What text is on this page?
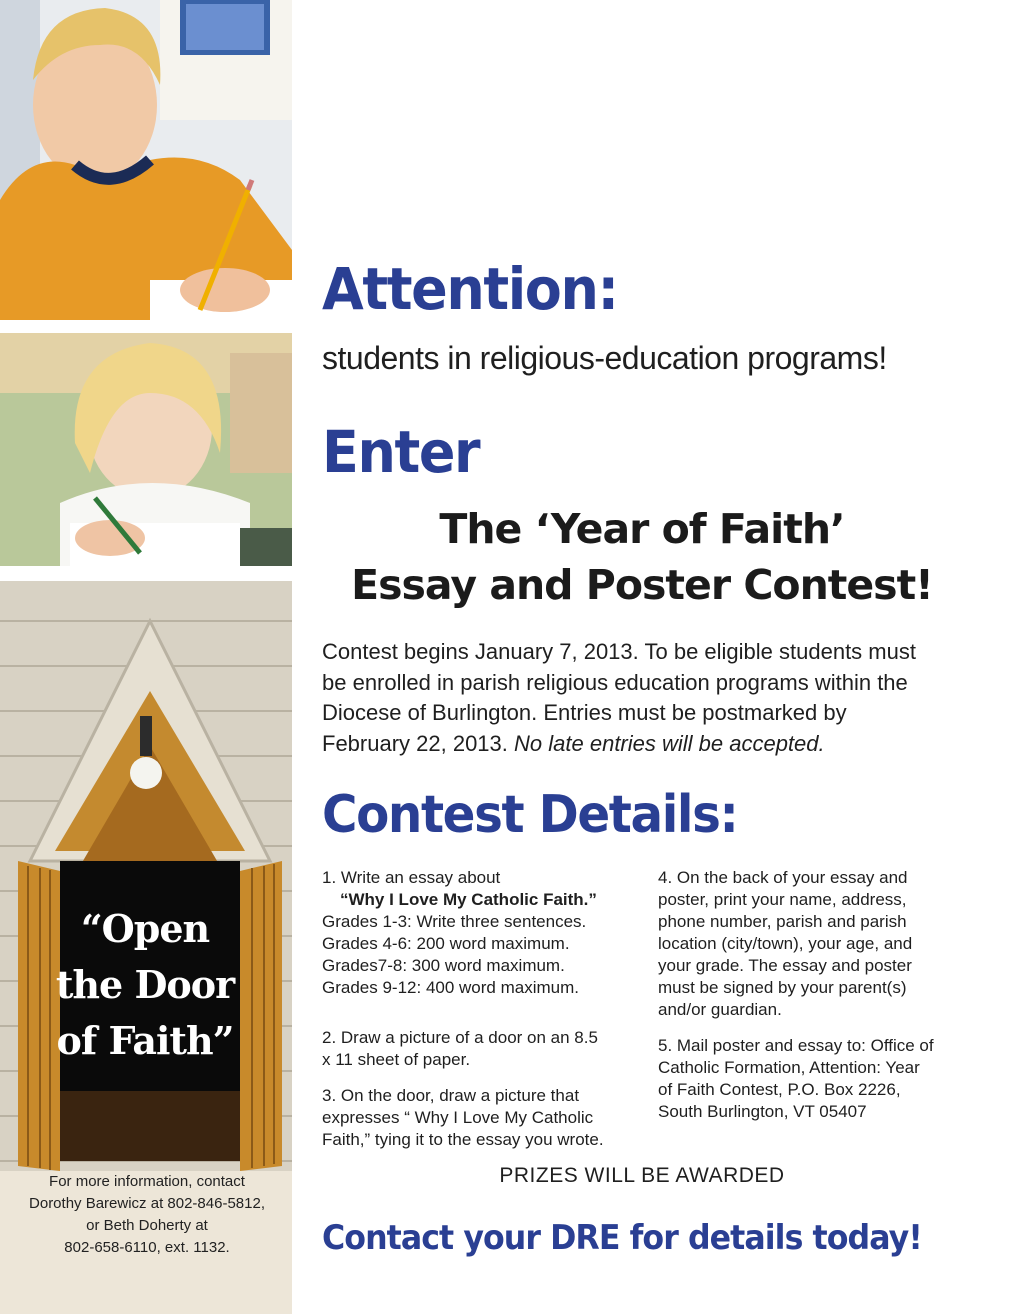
“Open
the Door
of Faith”
For more information, contact
Dorothy Barewicz at 802-846-5812,
or Beth Doherty at
802-658-6110, ext. 1132.
Attention:
students in religious-education programs!
Enter
The ‘Year of Faith’
Essay and Poster Contest!
Contest begins January 7, 2013. To be eligible students must
be enrolled in parish religious education programs within the
Diocese of Burlington. Entries must be postmarked by
February 22, 2013. No late entries will be accepted.
Contest Details:
1. Write an essay about
“Why I Love My Catholic Faith.”
Grades 1-3: Write three sentences.
Grades 4-6: 200 word maximum.
Grades7-8: 300 word maximum.
Grades 9-12: 400 word maximum.
2. Draw a picture of a door on an 8.5
x 11 sheet of paper.
3. On the door, draw a picture that
expresses “ Why I Love My Catholic
Faith,” tying it to the essay you wrote.
4. On the back of your essay and
poster, print your name, address,
phone number, parish and parish
location (city/town), your age, and
your grade. The essay and poster
must be signed by your parent(s)
and/or guardian.
5. Mail poster and essay to: Office of
Catholic Formation, Attention: Year
of Faith Contest, P.O. Box 2226,
South Burlington, VT 05407
PRIZES WILL BE AWARDED
Contact your DRE for details today!
